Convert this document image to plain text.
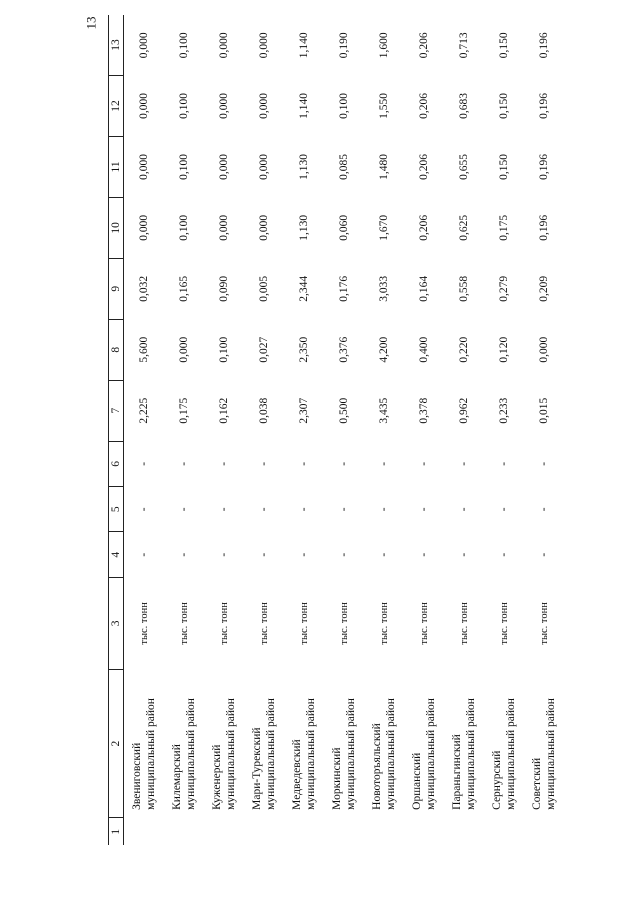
13
1	2	3	4	5	6	7	8	9	10	11	12	13

	Звениговский муниципальный район	тыс. тонн	-	-	-	2,225	5,600	0,032	0,000	0,000	0,000	0,000

	Килемарский муниципальный район	тыс. тонн	-	-	-	0,175	0,000	0,165	0,100	0,100	0,100	0,100

	Куженерский муниципальный район	тыс. тонн	-	-	-	0,162	0,100	0,090	0,000	0,000	0,000	0,000

	Мари-Турекский муниципальный район	тыс. тонн	-	-	-	0,038	0,027	0,005	0,000	0,000	0,000	0,000

	Медведевский муниципальный район	тыс. тонн	-	-	-	2,307	2,350	2,344	1,130	1,130	1,140	1,140

	Моркинский муниципальный район	тыс. тонн	-	-	-	0,500	0,376	0,176	0,060	0,085	0,100	0,190

	Новоторъяльский муниципальный район	тыс. тонн	-	-	-	3,435	4,200	3,033	1,670	1,480	1,550	1,600

	Оршанский муниципальный район	тыс. тонн	-	-	-	0,378	0,400	0,164	0,206	0,206	0,206	0,206

	Параньгинский муниципальный район	тыс. тонн	-	-	-	0,962	0,220	0,558	0,625	0,655	0,683	0,713

	Сернурский муниципальный район	тыс. тонн	-	-	-	0,233	0,120	0,279	0,175	0,150	0,150	0,150

	Советский муниципальный район	тыс. тонн	-	-	-	0,015	0,000	0,209	0,196	0,196	0,196	0,196
